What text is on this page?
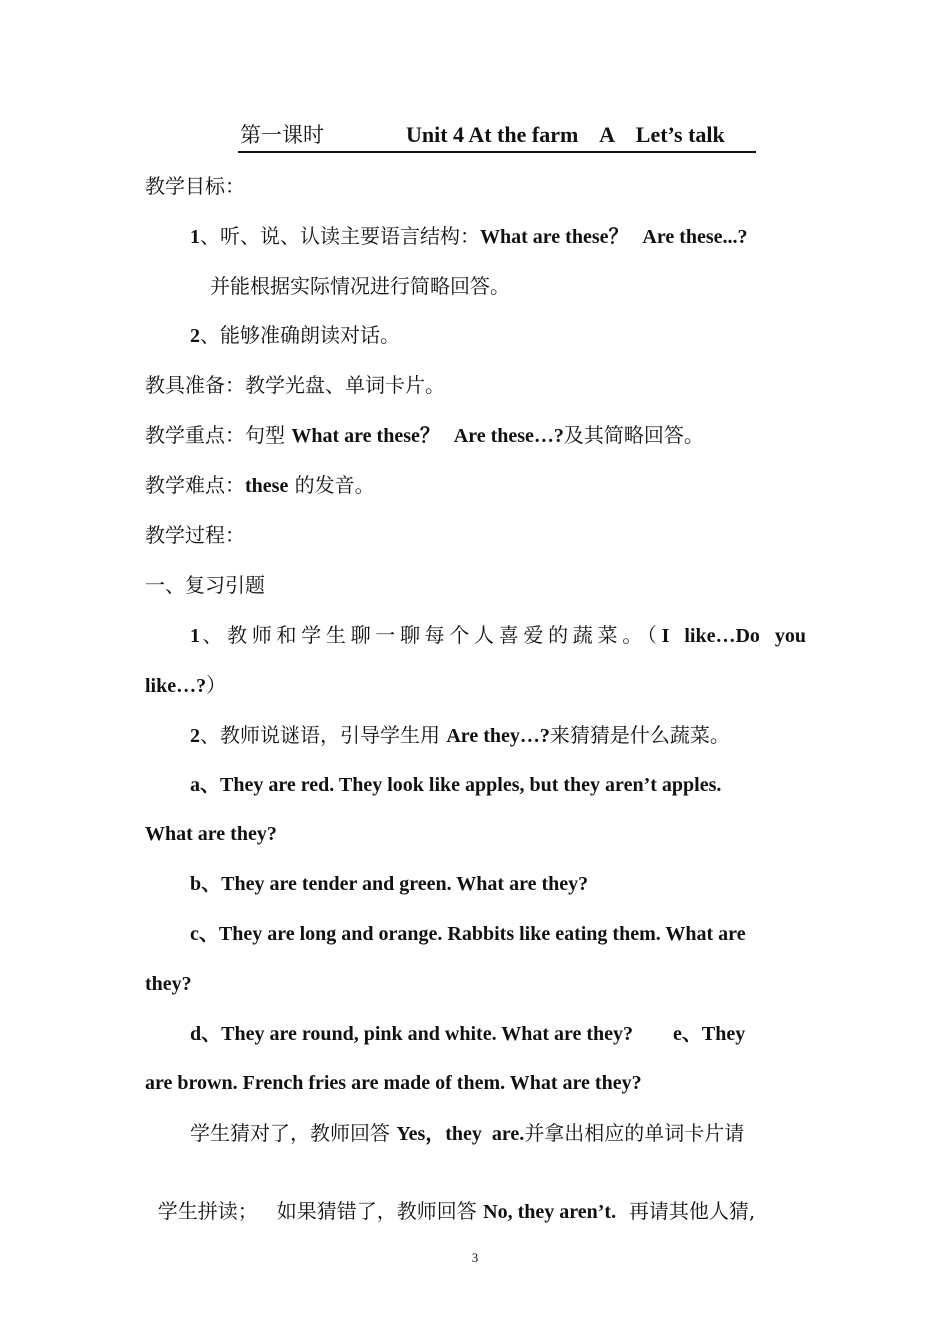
第一课时	Unit 4 At the farm    A    Let’s talk
教学目标：
1、听、说、认读主要语言结构：What are these？   Are these...?
并能根据实际情况进行简略回答。
2、能够准确朗读对话。
教具准备：教学光盘、单词卡片。
教学重点：句型 What are these？   Are these…?及其简略回答。
教学难点：these 的发音。
教学过程：
一、复习引题
1、教师和学生聊一聊每个人喜爱的蔬菜。（I  like…Do  you
like…?）
2、教师说谜语，引导学生用 Are they…?来猜猜是什么蔬菜。
a、They are red. They look like apples, but they aren’t apples.
What are they?
b、They are tender and green. What are they?
c、They are long and orange. Rabbits like eating them. What are
they?
d、They are round, pink and white. What are they?        e、They
are brown. French fries are made of them. What are they?
学生猜对了，教师回答 Yes，they  are.并拿出相应的单词卡片请

学生拼读；   如果猜错了，教师回答 No, they aren’t.  再请其他人猜,

3
